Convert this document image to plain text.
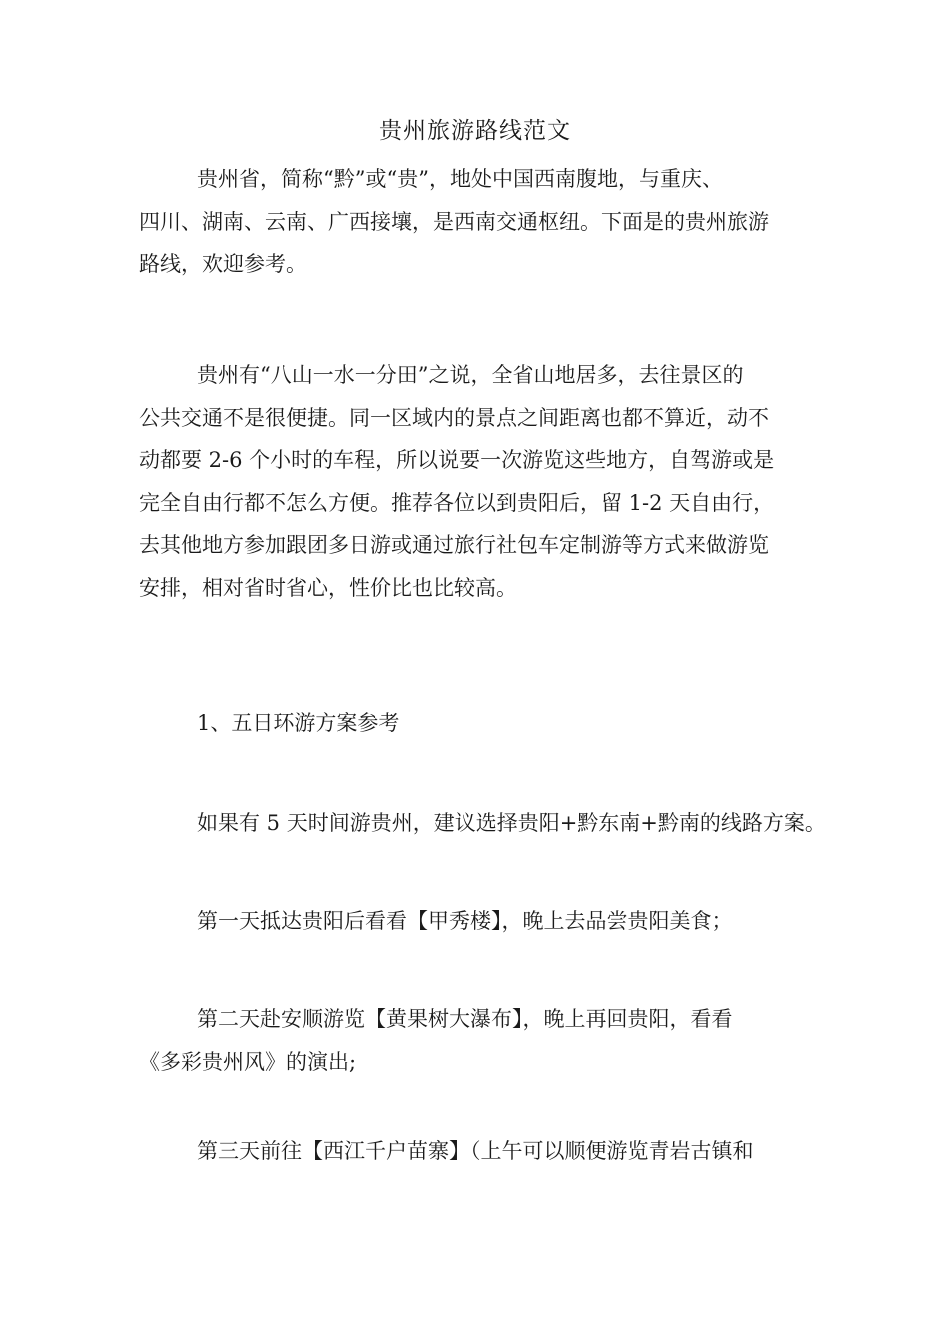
贵州旅游路线范文

贵州省，简称“黔”或“贵”，地处中国西南腹地，与重庆、
四川、湖南、云南、广西接壤，是西南交通枢纽。下面是的贵州旅游
路线，欢迎参考。

贵州有“八山一水一分田”之说，全省山地居多，去往景区的
公共交通不是很便捷。同一区域内的景点之间距离也都不算近，动不
动都要 2-6 个小时的车程，所以说要一次游览这些地方，自驾游或是
完全自由行都不怎么方便。推荐各位以到贵阳后，留 1-2 天自由行，
去其他地方参加跟团多日游或通过旅行社包车定制游等方式来做游览
安排，相对省时省心，性价比也比较高。

1、五日环游方案参考

如果有 5 天时间游贵州，建议选择贵阳+黔东南+黔南的线路方案。

第一天抵达贵阳后看看【甲秀楼】，晚上去品尝贵阳美食；

第二天赴安顺游览【黄果树大瀑布】，晚上再回贵阳，看看
《多彩贵州风》的演出;

第三天前往【西江千户苗寨】（上午可以顺便游览青岩古镇和
